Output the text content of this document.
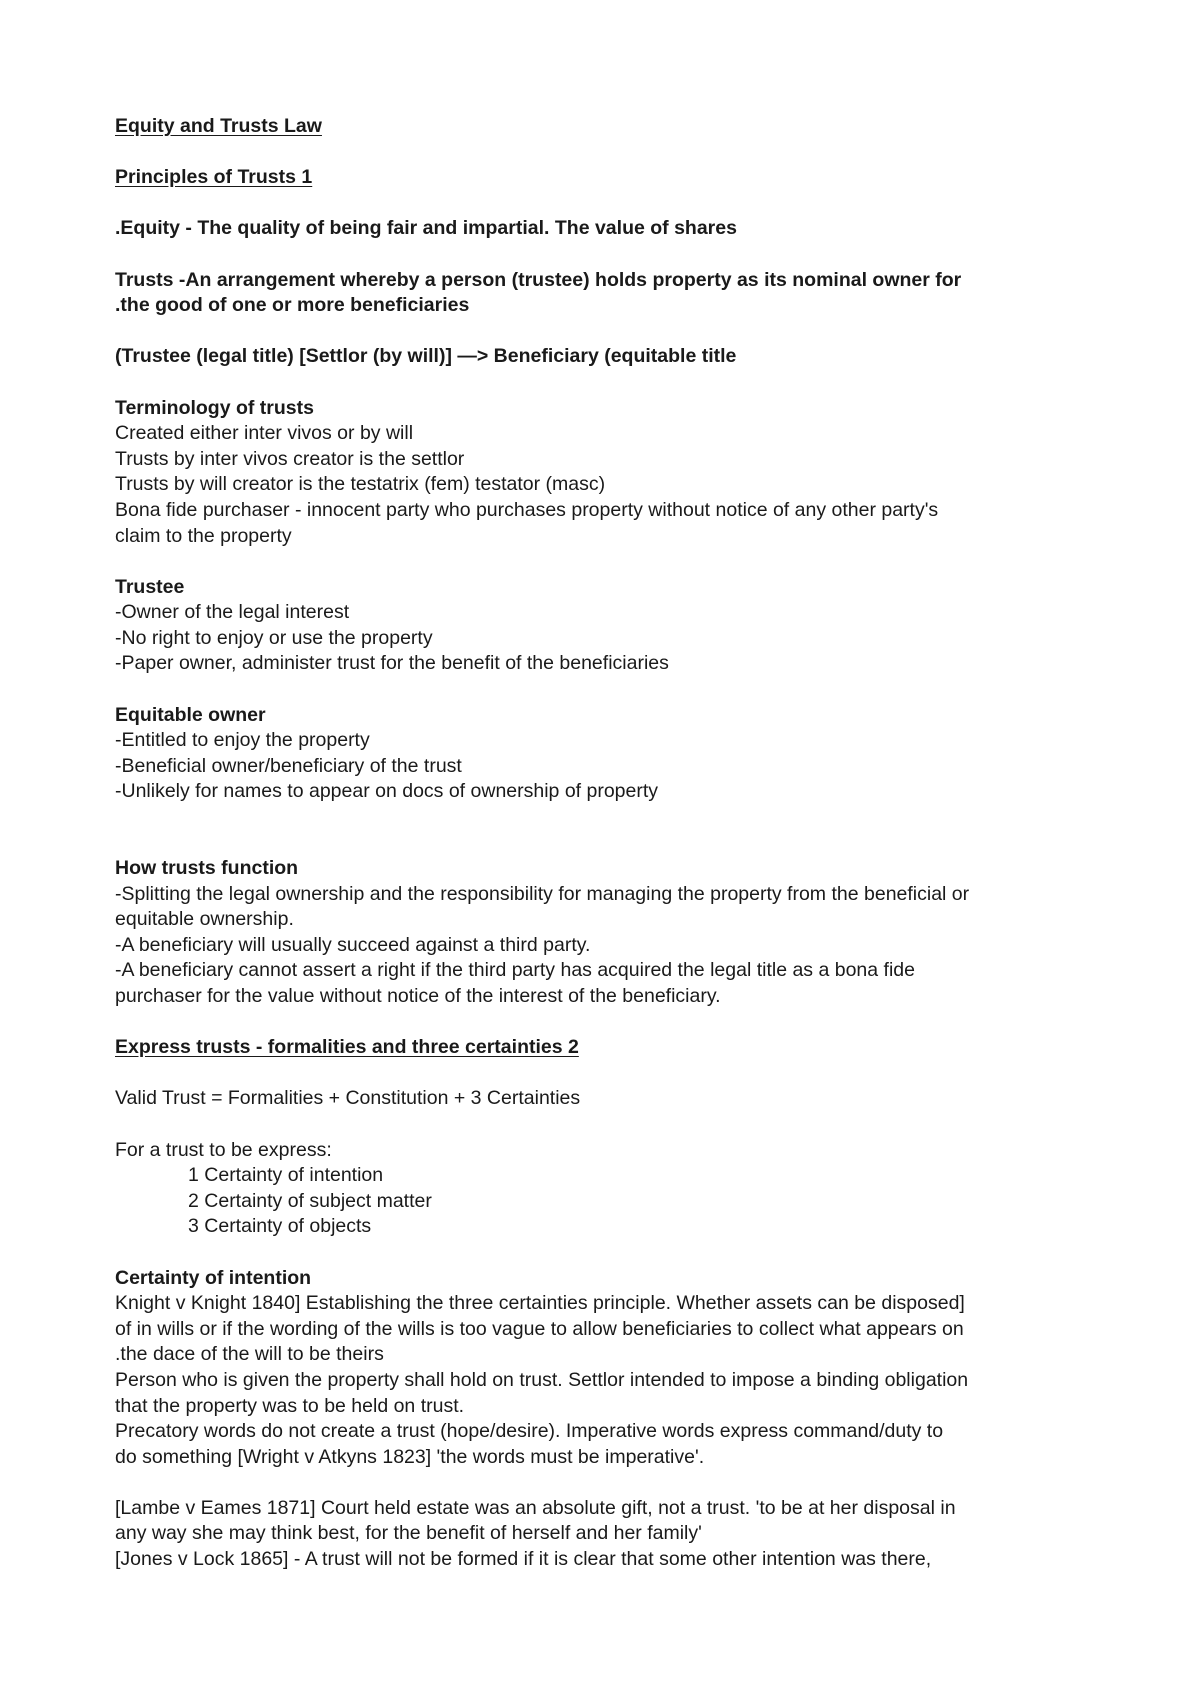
Equity and Trusts Law

Principles of Trusts 1

.Equity - The quality of being fair and impartial. The value of shares

Trusts -An arrangement whereby a person (trustee) holds property as its nominal owner for

.the good of one or more beneficiaries

(Trustee (legal title) [Settlor (by will)] —> Beneficiary (equitable title

Terminology of trusts

Created either inter vivos or by will

Trusts by inter vivos creator is the settlor

Trusts by will creator is the testatrix (fem) testator (masc)

Bona fide purchaser - innocent party who purchases property without notice of any other party's

claim to the property

Trustee

-Owner of the legal interest

-No right to enjoy or use the property

-Paper owner, administer trust for the benefit of the beneficiaries

Equitable owner

-Entitled to enjoy the property

-Beneficial owner/beneficiary of the trust

-Unlikely for names to appear on docs of ownership of property

How trusts function

-Splitting the legal ownership and the responsibility for managing the property from the beneficial or

equitable ownership.

-A beneficiary will usually succeed against a third party.

-A beneficiary cannot assert a right if the third party has acquired the legal title as a bona fide

purchaser for the value without notice of the interest of the beneficiary.

Express trusts - formalities and three certainties 2

Valid Trust = Formalities + Constitution + 3 Certainties

For a trust to be express:

1 Certainty of intention

2 Certainty of subject matter

3 Certainty of objects

Certainty of intention

Knight v Knight 1840] Establishing the three certainties principle. Whether assets can be disposed]

of in wills or if the wording of the wills is too vague to allow beneficiaries to collect what appears on

.the dace of the will to be theirs

Person who is given the property shall hold on trust. Settlor intended to impose a binding obligation

that the property was to be held on trust.

Precatory words do not create a trust (hope/desire). Imperative words express command/duty to

do something [Wright v Atkyns 1823] 'the words must be imperative'.

[Lambe v Eames 1871] Court held estate was an absolute gift, not a trust. 'to be at her disposal in

any way she may think best, for the benefit of herself and her family'

[Jones v Lock 1865] - A trust will not be formed if it is clear that some other intention was there,
